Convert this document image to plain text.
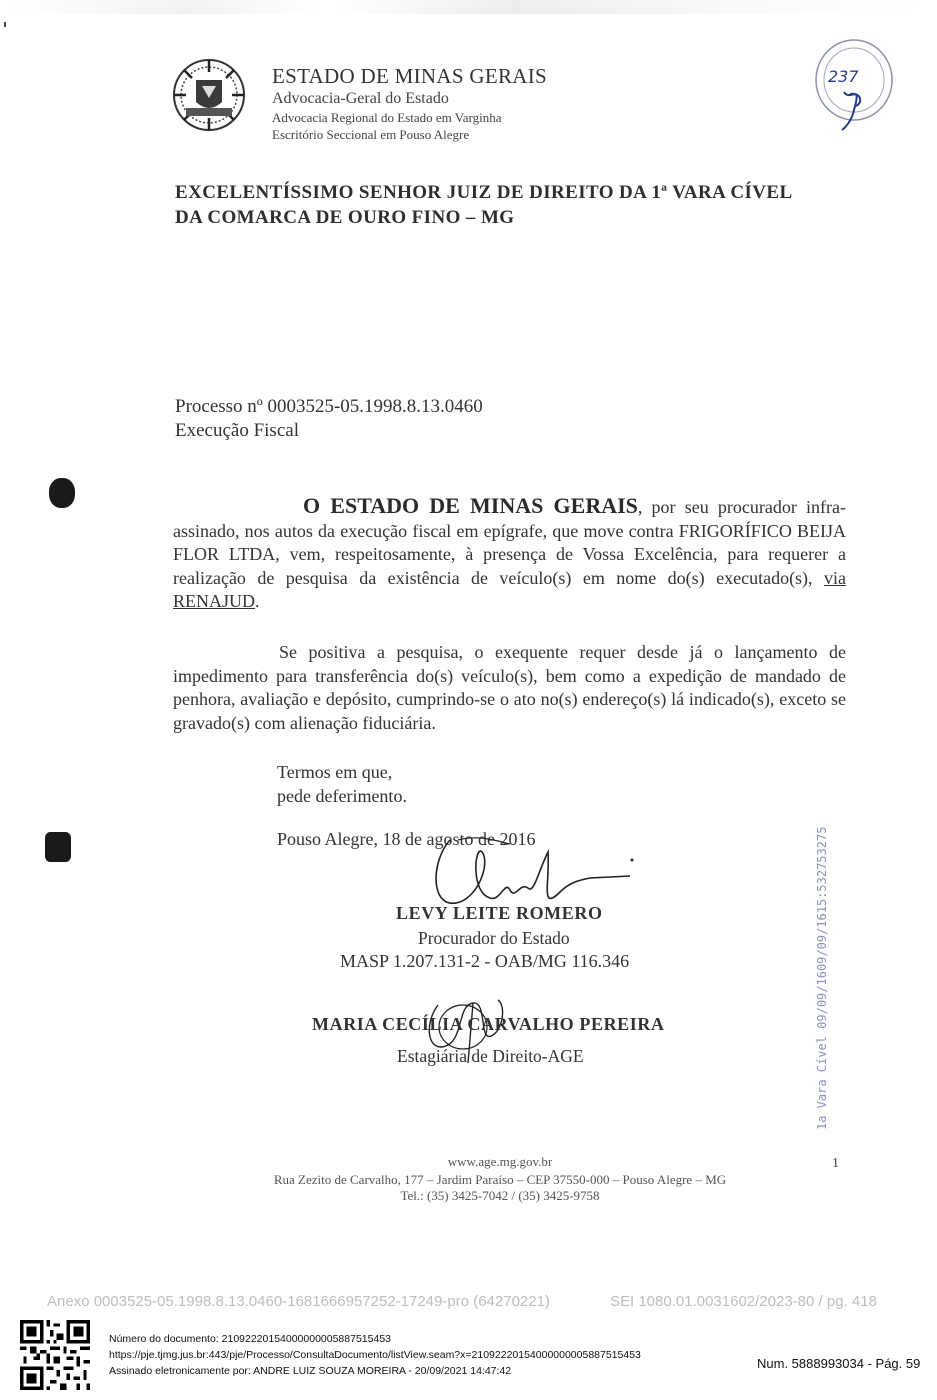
ESTADO DE MINAS GERAIS
Advocacia-Geral do Estado
Advocacia Regional do Estado em Varginha
Escritório Seccional em Pouso Alegre
237
EXCELENTÍSSIMO SENHOR JUIZ DE DIREITO DA 1ª VARA CÍVEL
DA COMARCA DE OURO FINO – MG
Processo nº 0003525-05.1998.8.13.0460
Execução Fiscal
O ESTADO DE MINAS GERAIS, por seu procurador infra-assinado, nos autos da execução fiscal em epígrafe, que move contra FRIGORÍFICO BEIJA FLOR LTDA, vem, respeitosamente, à presença de Vossa Excelência, para requerer a realização de pesquisa da existência de veículo(s) em nome do(s) executado(s), via RENAJUD.
Se positiva a pesquisa, o exequente requer desde já o lançamento de impedimento para transferência do(s) veículo(s), bem como a expedição de mandado de penhora, avaliação e depósito, cumprindo-se o ato no(s) endereço(s) lá indicado(s), exceto se gravado(s) com alienação fiduciária.
Termos em que,
pede deferimento.
Pouso Alegre, 18 de agosto de 2016
LEVY LEITE ROMERO
Procurador do Estado
MASP 1.207.131-2 - OAB/MG 116.346
MARIA CECÍLIA CARVALHO PEREIRA
Estagiária de Direito-AGE	1a Vara Cível 09/09/1609/09/1615:532753275
1
www.age.mg.gov.br
Rua Zezito de Carvalho, 177 – Jardim Paraíso – CEP 37550-000 – Pouso Alegre – MG
Tel.: (35) 3425-7042 / (35) 3425-9758
Anexo 0003525-05.1998.8.13.0460-1681666957252-17249-pro (64270221)	SEI 1080.01.0031602/2023-80 / pg. 418
Número do documento: 21092220154000000005887515453
https://pje.tjmg.jus.br:443/pje/Processo/ConsultaDocumento/listView.seam?x=21092220154000000005887515453
Assinado eletronicamente por: ANDRE LUIZ SOUZA MOREIRA - 20/09/2021 14:47:42	Num. 5888993034 - Pág. 59
